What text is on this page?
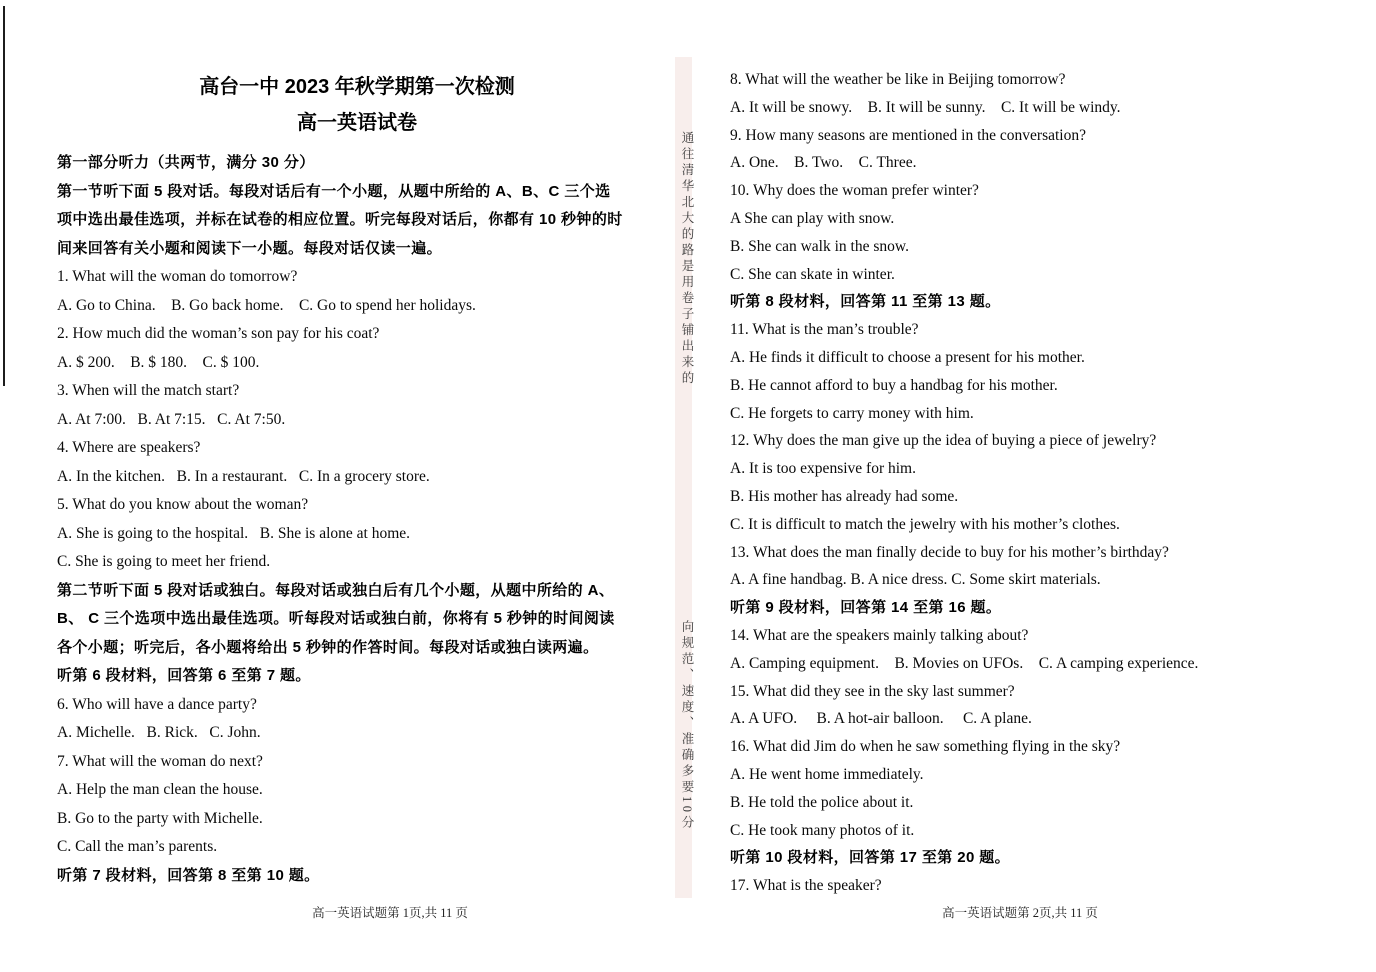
高台一中 2023 年秋学期第一次检测
高一英语试卷

第一部分听力（共两节，满分 30 分）

第一节听下面 5 段对话。每段对话后有一个小题，从题中所给的 A、B、C 三个选

项中选出最佳选项，并标在试卷的相应位置。听完每段对话后，你都有 10 秒钟的时

间来回答有关小题和阅读下一小题。每段对话仅读一遍。

1. What will the woman do tomorrow?

A. Go to China.    B. Go back home.    C. Go to spend her holidays.

2. How much did the woman’s son pay for his coat?

A. $ 200.    B. $ 180.    C. $ 100.

3. When will the match start?

A. At 7:00.   B. At 7:15.   C. At 7:50.

4. Where are speakers?

A. In the kitchen.   B. In a restaurant.   C. In a grocery store.

5. What do you know about the woman?

A. She is going to the hospital.   B. She is alone at home.

C. She is going to meet her friend.

第二节听下面 5 段对话或独白。每段对话或独白后有几个小题，从题中所给的 A、

B、 C 三个选项中选出最佳选项。听每段对话或独白前，你将有 5 秒钟的时间阅读

各个小题；听完后，各小题将给出 5 秒钟的作答时间。每段对话或独白读两遍。

听第 6 段材料，回答第 6 至第 7 题。

6. Who will have a dance party?

A. Michelle.   B. Rick.   C. John.

7. What will the woman do next?

A. Help the man clean the house.

B. Go to the party with Michelle.

C. Call the man’s parents.

听第 7 段材料，回答第 8 至第 10 题。

通往清华北大的路是用卷子铺出来的
向规范、速度、准确多要10分

8. What will the weather be like in Beijing tomorrow?

A. It will be snowy.    B. It will be sunny.    C. It will be windy.

9. How many seasons are mentioned in the conversation?

A. One.    B. Two.    C. Three.

10. Why does the woman prefer winter?

A She can play with snow.

B. She can walk in the snow.

C. She can skate in winter.

听第 8 段材料，回答第 11 至第 13 题。

11. What is the man’s trouble?

A. He finds it difficult to choose a present for his mother.

B. He cannot afford to buy a handbag for his mother.

C. He forgets to carry money with him.

12. Why does the man give up the idea of buying a piece of jewelry?

A. It is too expensive for him.

B. His mother has already had some.

C. It is difficult to match the jewelry with his mother’s clothes.

13. What does the man finally decide to buy for his mother’s birthday?

A. A fine handbag. B. A nice dress. C. Some skirt materials.

听第 9 段材料，回答第 14 至第 16 题。

14. What are the speakers mainly talking about?

A. Camping equipment.    B. Movies on UFOs.    C. A camping experience.

15. What did they see in the sky last summer?

A. A UFO.     B. A hot-air balloon.     C. A plane.

16. What did Jim do when he saw something flying in the sky?

A. He went home immediately.

B. He told the police about it.

C. He took many photos of it.

听第 10 段材料，回答第 17 至第 20 题。

17. What is the speaker?

高一英语试题第 1页,共 11 页	高一英语试题第 2页,共 11 页
